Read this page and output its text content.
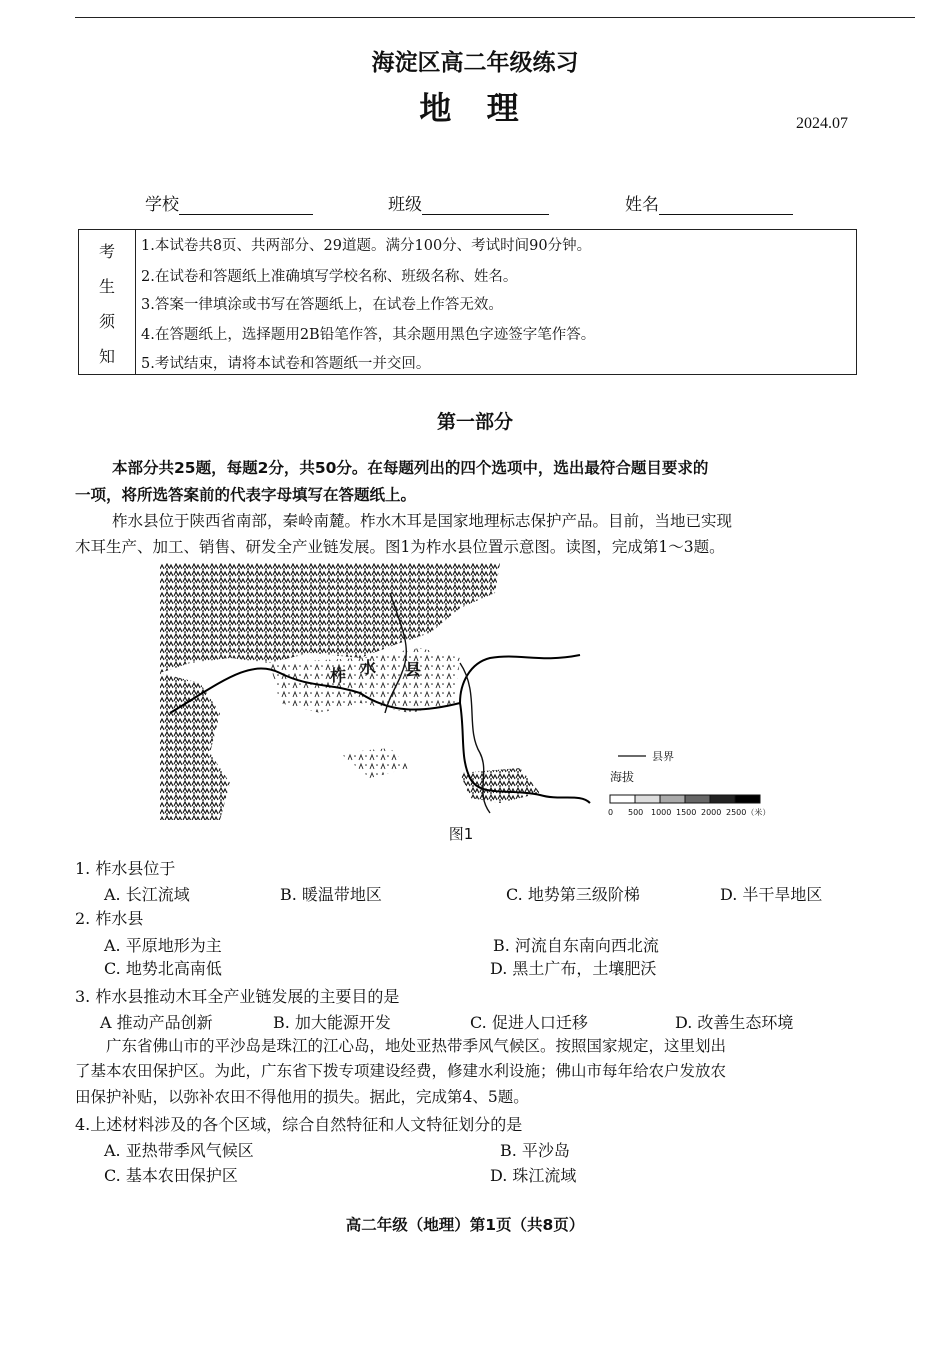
海淀区高二年级练习
地 理	2024.07
学校	班级	姓名
考
生
须
知
1.本试卷共8页、共两部分、29道题。满分100分、考试时间90分钟。
2.在试卷和答题纸上准确填写学校名称、班级名称、姓名。
3.答案一律填涂或书写在答题纸上，在试卷上作答无效。
4.在答题纸上，选择题用2B铅笔作答，其余题用黑色字迹签字笔作答。
5.考试结束，请将本试卷和答题纸一并交回。
第一部分
本部分共25题，每题2分，共50分。在每题列出的四个选项中，选出最符合题目要求的
一项，将所选答案前的代表字母填写在答题纸上。
柞水县位于陕西省南部，秦岭南麓。柞水木耳是国家地理标志保护产品。目前，当地已实现
木耳生产、加工、销售、研发全产业链发展。图1为柞水县位置示意图。读图，完成第1～3题。
柞 水 县
县界
海拔
0 500 1000 1500 2000 2500（米）
图1
1. 柞水县位于
A. 长江流域	B. 暖温带地区	C. 地势第三级阶梯	D. 半干旱地区
2. 柞水县
A. 平原地形为主	B. 河流自东南向西北流
C. 地势北高南低	D. 黑土广布，土壤肥沃
3. 柞水县推动木耳全产业链发展的主要目的是
A 推动产品创新	B. 加大能源开发	C. 促进人口迁移	D. 改善生态环境
广东省佛山市的平沙岛是珠江的江心岛，地处亚热带季风气候区。按照国家规定，这里划出
了基本农田保护区。为此，广东省下拨专项建设经费，修建水利设施；佛山市每年给农户发放农
田保护补贴，以弥补农田不得他用的损失。据此，完成第4、5题。
4.上述材料涉及的各个区域，综合自然特征和人文特征划分的是
A. 亚热带季风气候区	B. 平沙岛
C. 基本农田保护区	D. 珠江流域
高二年级（地理）第1页（共8页）
